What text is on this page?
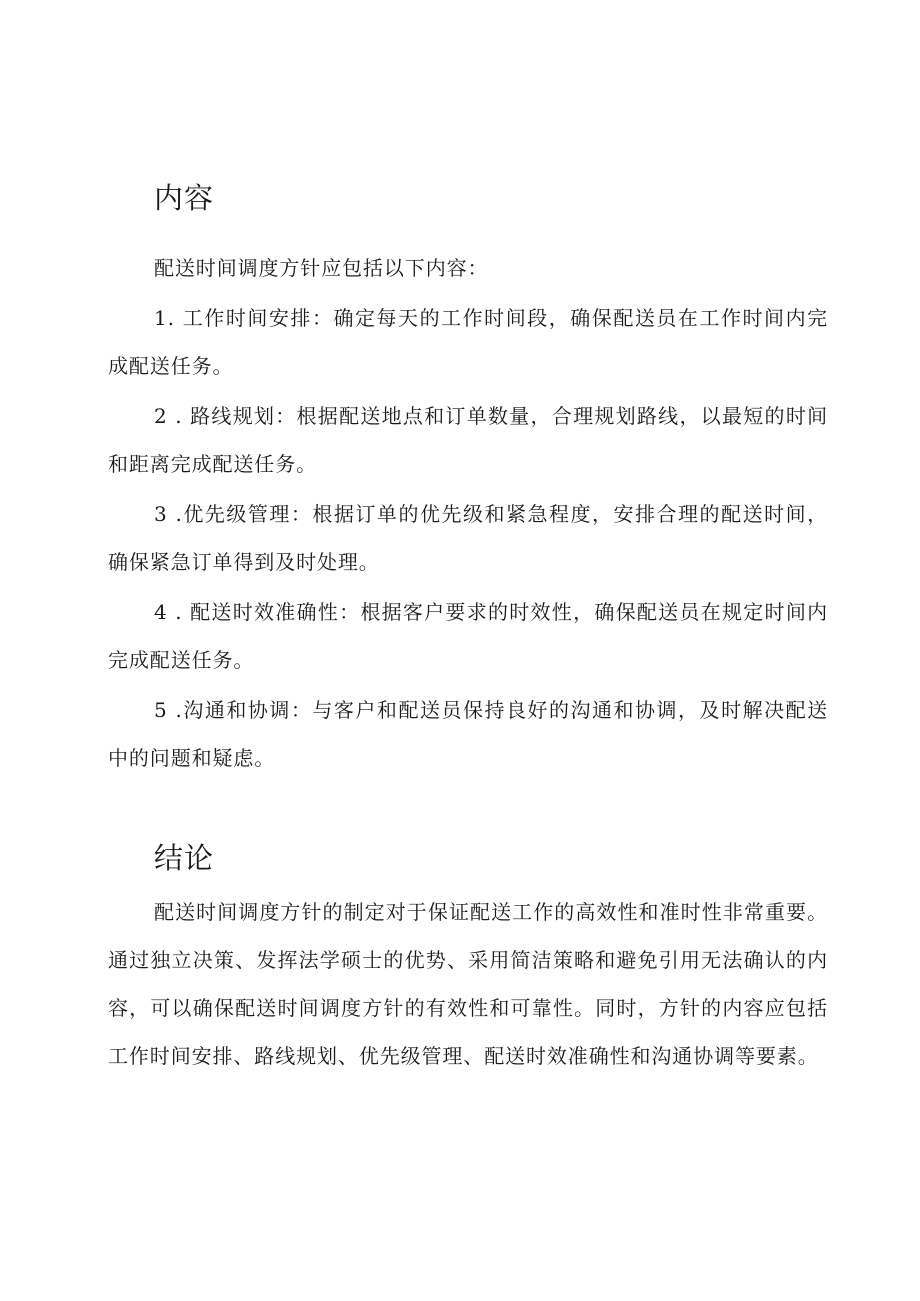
内容

配送时间调度方针应包括以下内容：

1. 工作时间安排：确定每天的工作时间段，确保配送员在工作时间内完成配送任务。

2 . 路线规划：根据配送地点和订单数量，合理规划路线，以最短的时间和距离完成配送任务。

3 .优先级管理：根据订单的优先级和紧急程度，安排合理的配送时间，确保紧急订单得到及时处理。

4 . 配送时效准确性：根据客户要求的时效性，确保配送员在规定时间内完成配送任务。

5 .沟通和协调：与客户和配送员保持良好的沟通和协调，及时解决配送中的问题和疑虑。

结论

配送时间调度方针的制定对于保证配送工作的高效性和准时性非常重要。通过独立决策、发挥法学硕士的优势、采用简洁策略和避免引用无法确认的内容，可以确保配送时间调度方针的有效性和可靠性。同时，方针的内容应包括工作时间安排、路线规划、优先级管理、配送时效准确性和沟通协调等要素。
